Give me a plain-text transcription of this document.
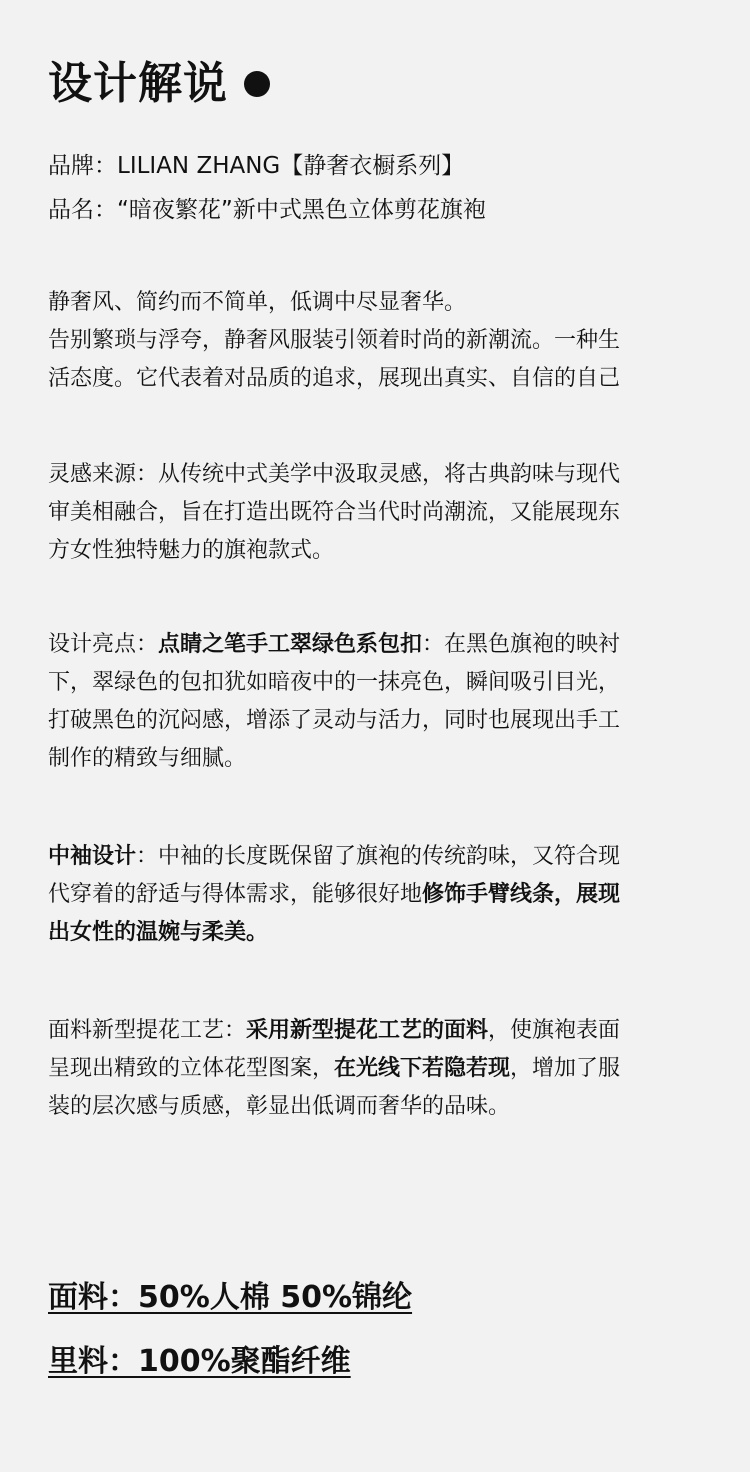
设计解说
品牌：LILIAN ZHANG【静奢衣橱系列】
品名：“暗夜繁花”新中式黑色立体剪花旗袍
静奢风、简约而不简单，低调中尽显奢华。
告别繁琐与浮夸，静奢风服装引领着时尚的新潮流。一种生
活态度。它代表着对品质的追求，展现出真实、自信的自己
灵感来源：从传统中式美学中汲取灵感，将古典韵味与现代
审美相融合，旨在打造出既符合当代时尚潮流，又能展现东
方女性独特魅力的旗袍款式。
设计亮点：点睛之笔手工翠绿色系包扣：在黑色旗袍的映衬
下，翠绿色的包扣犹如暗夜中的一抹亮色，瞬间吸引目光，
打破黑色的沉闷感，增添了灵动与活力，同时也展现出手工
制作的精致与细腻。
中袖设计：中袖的长度既保留了旗袍的传统韵味，又符合现
代穿着的舒适与得体需求，能够很好地修饰手臂线条，展现
出女性的温婉与柔美。
面料新型提花工艺：采用新型提花工艺的面料，使旗袍表面
呈现出精致的立体花型图案，在光线下若隐若现，增加了服
装的层次感与质感，彰显出低调而奢华的品味。
面料：50%人棉 50%锦纶
里料：100%聚酯纤维
